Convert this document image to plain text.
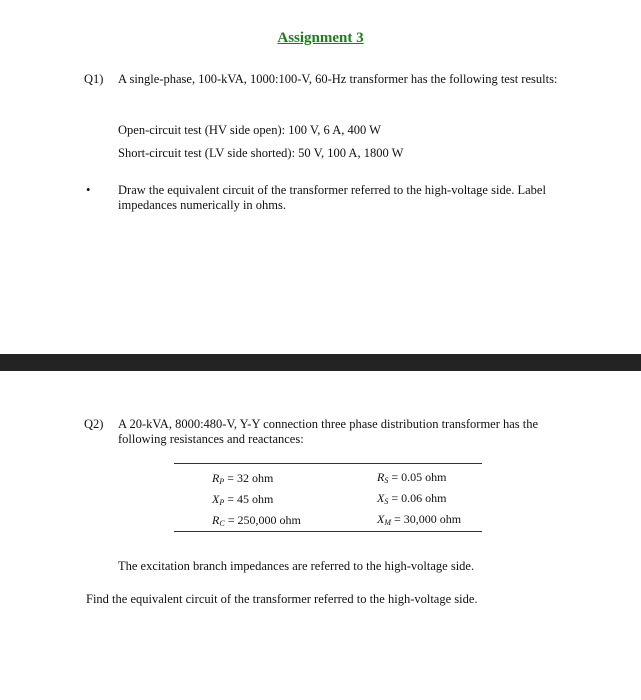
Assignment 3
Q1) A single-phase, 100-kVA, 1000:100-V, 60-Hz transformer has the following test results:
Open-circuit test (HV side open): 100 V, 6 A, 400 W
Short-circuit test (LV side shorted): 50 V, 100 A, 1800 W
• Draw the equivalent circuit of the transformer referred to the high-voltage side. Label impedances numerically in ohms.
Q2) A 20-kVA, 8000:480-V, Y-Y connection three phase distribution transformer has the following resistances and reactances:
$R_P = 32$ ohm
$X_P = 45$ ohm
$R_C = 250,000$ ohm
$R_S = 0.05$ ohm
$X_S = 0.06$ ohm
$X_M = 30,000$ ohm
The excitation branch impedances are referred to the high-voltage side.
Find the equivalent circuit of the transformer referred to the high-voltage side.
